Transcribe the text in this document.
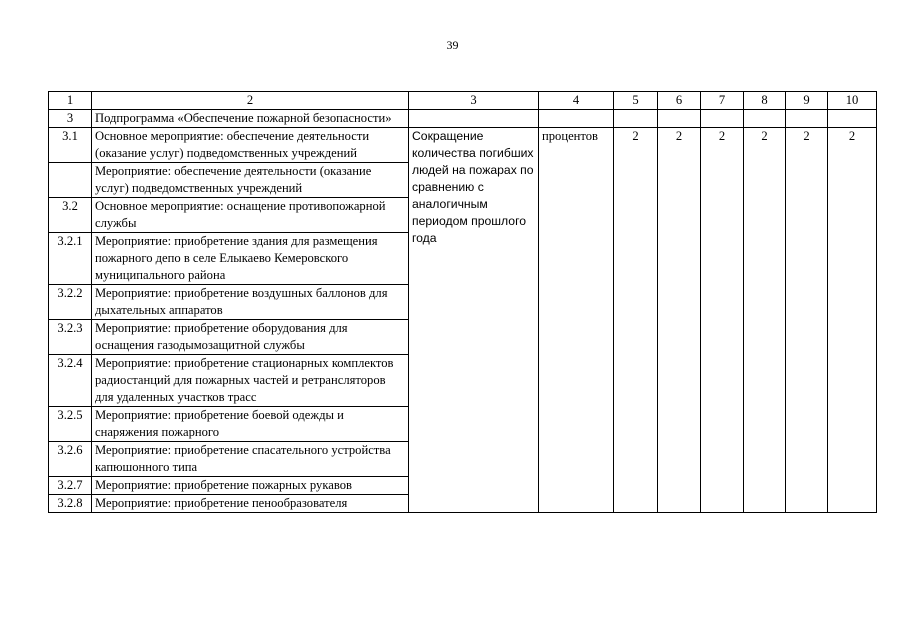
39
1	2	3	4	5	6	7	8	9	10
3	Подпрограмма «Обеспечение пожарной безопасности»								
3.1	Основное мероприятие: обеспечение деятельности (оказание услуг) подведомственных учреждений	Сокращение количества погибших людей на пожарах по сравнению с аналогичным периодом прошлого года	процентов	2	2	2	2	2	2
	Мероприятие: обеспечение деятельности (оказание услуг) подведомственных учреждений								
3.2	Основное мероприятие: оснащение противопожарной службы								
3.2.1	Мероприятие: приобретение здания для размещения пожарного депо в селе Елыкаево Кемеровского муниципального района								
3.2.2	Мероприятие: приобретение воздушных баллонов для дыхательных аппаратов								
3.2.3	Мероприятие: приобретение оборудования для оснащения газодымозащитной службы								
3.2.4	Мероприятие: приобретение стационарных комплектов радиостанций для пожарных частей и ретрансляторов для удаленных участков трасс								
3.2.5	Мероприятие: приобретение боевой одежды и снаряжения пожарного								
3.2.6	Мероприятие: приобретение спасательного устройства капюшонного типа								
3.2.7	Мероприятие: приобретение пожарных рукавов								
3.2.8	Мероприятие: приобретение пенообразователя								
